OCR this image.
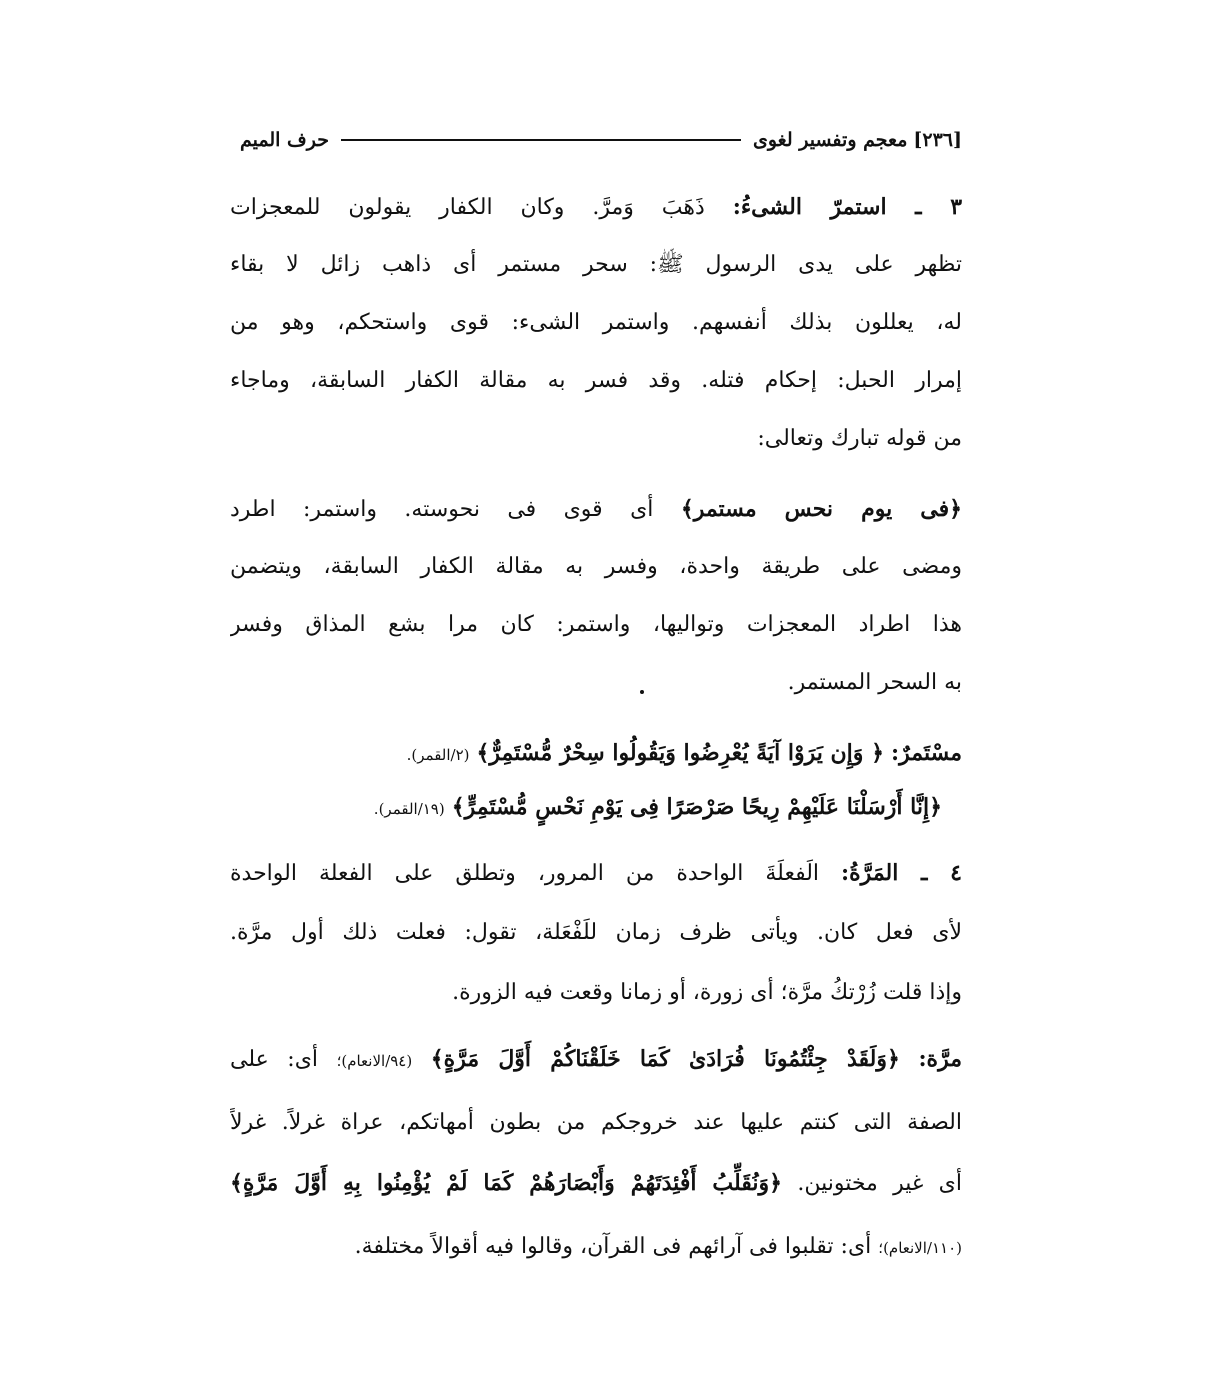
[٢٣٦]
معجم وتفسير لغوى
حرف الميم
٣ ـ استمرّ الشىءُ: ذَهَبَ وَمرَّ. وكان الكفار يقولون للمعجزات
تظهر على يدى الرسول ﷺ: سحر مستمر أى ذاهب زائل لا بقاء
له، يعللون بذلك أنفسهم. واستمر الشىء: قوى واستحكم، وهو من
إمرار الحبل: إحكام فتله. وقد فسر به مقالة الكفار السابقة، وماجاء
من قوله تبارك وتعالى:
﴿فى يوم نحس مستمر﴾ أى قوى فى نحوسته. واستمر: اطرد
ومضى على طريقة واحدة، وفسر به مقالة الكفار السابقة، ويتضمن
هذا اطراد المعجزات وتواليها، واستمر: كان مرا بشع المذاق وفسر
به السحر المستمر.
مسْتَمرٌ: ﴿ وَإِن يَرَوْا آيَةً يُعْرِضُوا وَيَقُولُوا سِحْرٌ مُّسْتَمِرٌّ﴾ (٢/القمر).
﴿إِنَّا أَرْسَلْنَا عَلَيْهِمْ رِيحًا صَرْصَرًا فِى يَوْمِ نَحْسٍ مُّسْتَمِرٍّ﴾ (١٩/القمر).
٤ ـ المَرَّةُ: الَفعلَةَ الواحدة من المرور، وتطلق على الفعلة الواحدة
لأى فعل كان. ويأتى ظرف زمان للَفْعَلة، تقول: فعلت ذلك أول مرَّة.
وإذا قلت زُرْتكُ مرَّة؛ أى زورة، أو زمانا وقعت فيه الزورة.
مرَّة: ﴿وَلَقَدْ جِئْتُمُونَا فُرَادَىٰ كَمَا خَلَقْنَاكُمْ أَوَّلَ مَرَّةٍ﴾ (٩٤/الانعام)؛ أى: على
الصفة التى كنتم عليها عند خروجكم من بطون أمهاتكم، عراة غرلاً. غرلاً
أى غير مختونين. ﴿وَنُقَلِّبُ أَفْئِدَتَهُمْ وَأَبْصَارَهُمْ كَمَا لَمْ يُؤْمِنُوا بِهِ أَوَّلَ مَرَّةٍ﴾
(١١٠/الانعام)؛ أى: تقلبوا فى آرائهم فى القرآن، وقالوا فيه أقوالاً مختلفة.
